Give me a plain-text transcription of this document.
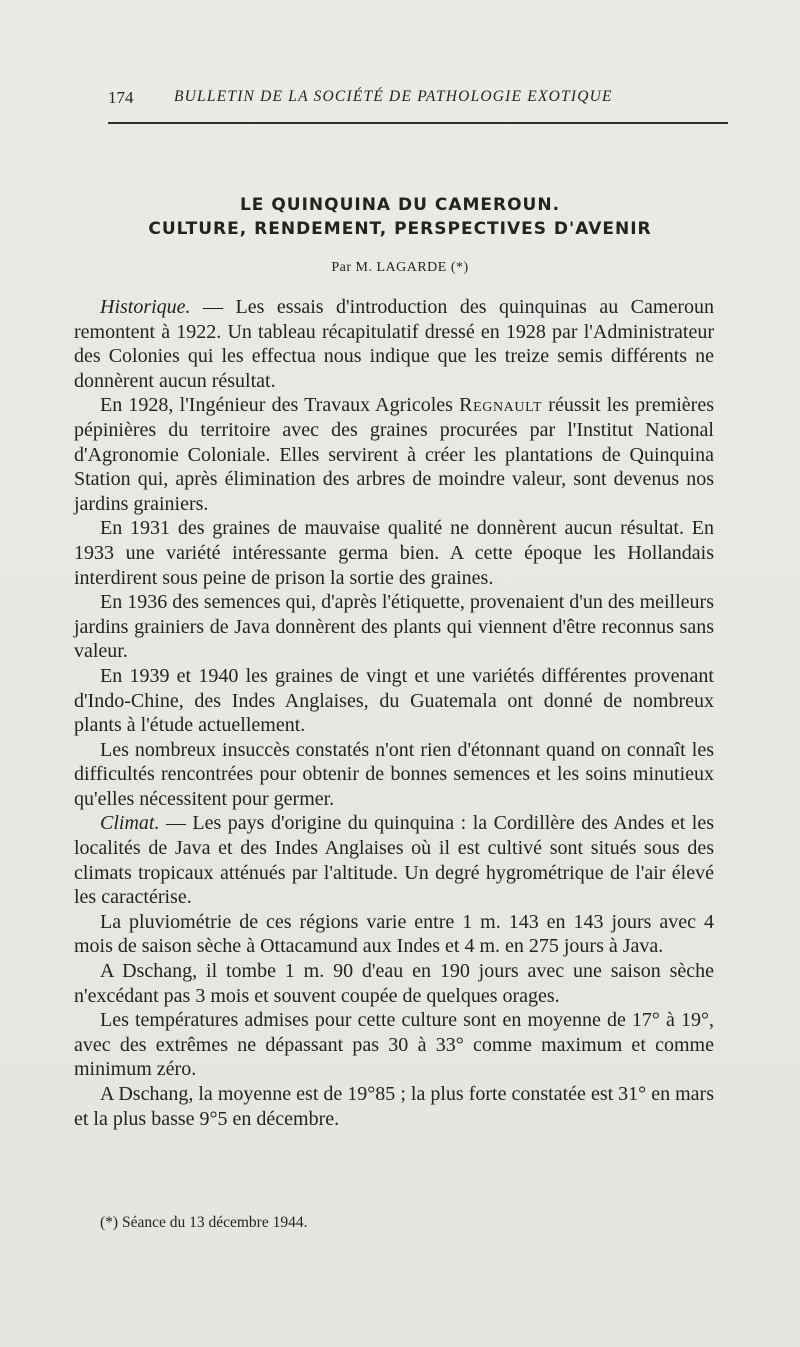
174	BULLETIN DE LA SOCIÉTÉ DE PATHOLOGIE EXOTIQUE
LE QUINQUINA DU CAMEROUN.
CULTURE, RENDEMENT, PERSPECTIVES D'AVENIR
Par M. LAGARDE (*)

Historique. — Les essais d'introduction des quinquinas au Cameroun remontent à 1922. Un tableau récapitulatif dressé en 1928 par l'Administrateur des Colonies qui les effectua nous indique que les treize semis différents ne donnèrent aucun résultat.

En 1928, l'Ingénieur des Travaux Agricoles Regnault réussit les premières pépinières du territoire avec des graines procurées par l'Institut National d'Agronomie Coloniale. Elles servirent à créer les plantations de Quinquina Station qui, après élimination des arbres de moindre valeur, sont devenus nos jardins grainiers.

En 1931 des graines de mauvaise qualité ne donnèrent aucun résultat. En 1933 une variété intéressante germa bien. A cette époque les Hollandais interdirent sous peine de prison la sortie des graines.

En 1936 des semences qui, d'après l'étiquette, provenaient d'un des meilleurs jardins grainiers de Java donnèrent des plants qui viennent d'être reconnus sans valeur.

En 1939 et 1940 les graines de vingt et une variétés différentes provenant d'Indo-Chine, des Indes Anglaises, du Guatemala ont donné de nombreux plants à l'étude actuellement.

Les nombreux insuccès constatés n'ont rien d'étonnant quand on connaît les difficultés rencontrées pour obtenir de bonnes semences et les soins minutieux qu'elles nécessitent pour germer.

Climat. — Les pays d'origine du quinquina : la Cordillère des Andes et les localités de Java et des Indes Anglaises où il est cultivé sont situés sous des climats tropicaux atténués par l'altitude. Un degré hygrométrique de l'air élevé les caractérise.

La pluviométrie de ces régions varie entre 1 m. 143 en 143 jours avec 4 mois de saison sèche à Ottacamund aux Indes et 4 m. en 275 jours à Java.

A Dschang, il tombe 1 m. 90 d'eau en 190 jours avec une saison sèche n'excédant pas 3 mois et souvent coupée de quelques orages.

Les températures admises pour cette culture sont en moyenne de 17° à 19°, avec des extrêmes ne dépassant pas 30 à 33° comme maximum et comme minimum zéro.

A Dschang, la moyenne est de 19°85 ; la plus forte constatée est 31° en mars et la plus basse 9°5 en décembre.

(*) Séance du 13 décembre 1944.
